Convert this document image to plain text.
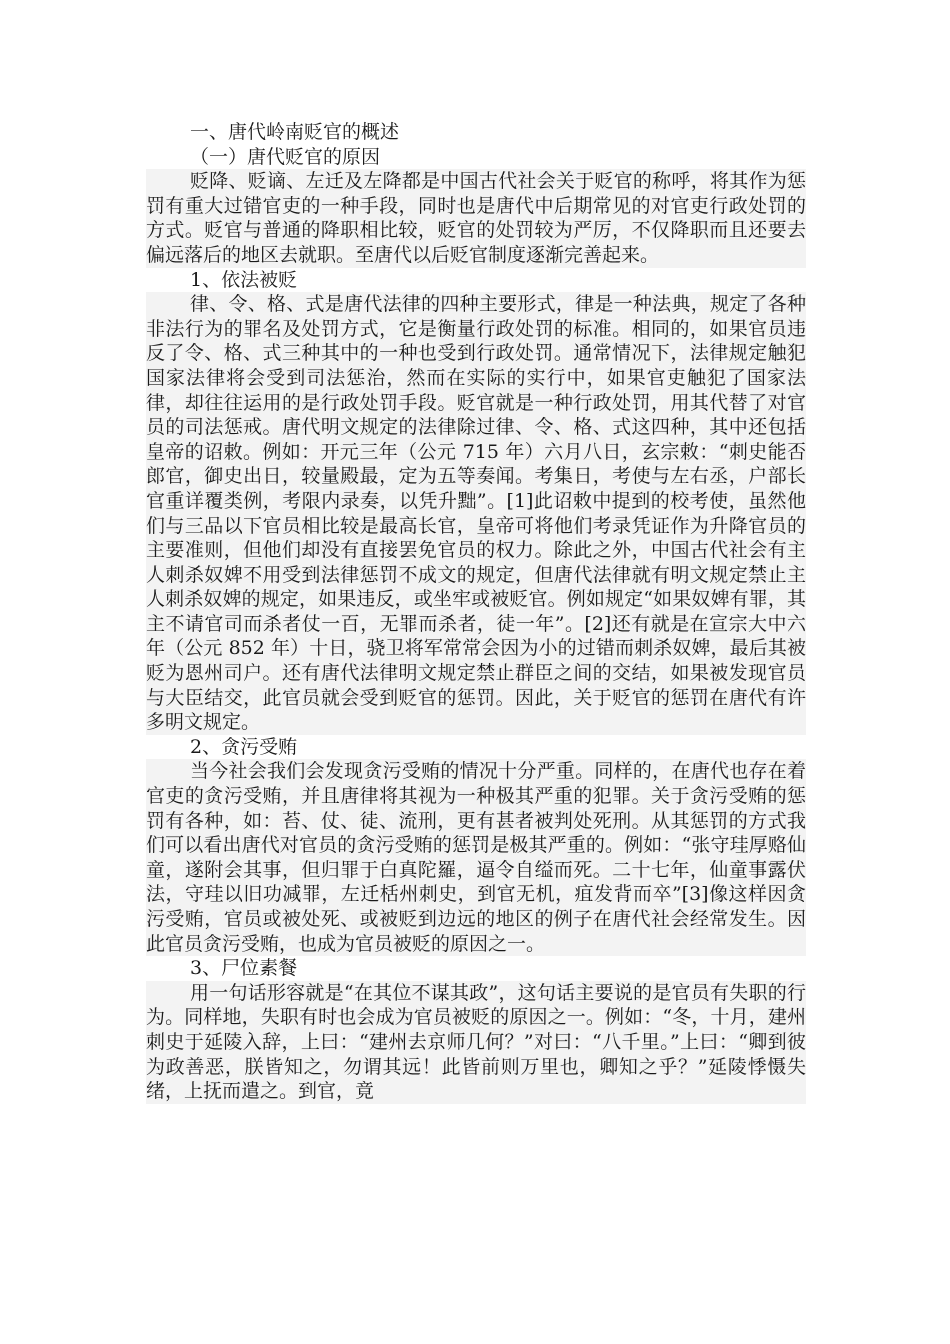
一、唐代岭南贬官的概述

（一）唐代贬官的原因

贬降、贬谪、左迁及左降都是中国古代社会关于贬官的称呼，将其作为惩罚有重大过错官吏的一种手段，同时也是唐代中后期常见的对官吏行政处罚的方式。贬官与普通的降职相比较，贬官的处罚较为严厉，不仅降职而且还要去偏远落后的地区去就职。至唐代以后贬官制度逐渐完善起来。

1、依法被贬

律、令、格、式是唐代法律的四种主要形式，律是一种法典，规定了各种非法行为的罪名及处罚方式，它是衡量行政处罚的标准。相同的，如果官员违反了令、格、式三种其中的一种也受到行政处罚。通常情况下，法律规定触犯国家法律将会受到司法惩治，然而在实际的实行中，如果官吏触犯了国家法律，却往往运用的是行政处罚手段。贬官就是一种行政处罚，用其代替了对官员的司法惩戒。唐代明文规定的法律除过律、令、格、式这四种，其中还包括皇帝的诏敕。例如：开元三年（公元 715 年）六月八日，玄宗敕：“刺史能否郎官，御史出日，较量殿最，定为五等奏闻。考集日，考使与左右丞，户部长官重详覆类例，考限内录奏，以凭升黜”。[1]此诏敕中提到的校考使，虽然他们与三品以下官员相比较是最高长官，皇帝可将他们考录凭证作为升降官员的主要准则，但他们却没有直接罢免官员的权力。除此之外，中国古代社会有主人刺杀奴婢不用受到法律惩罚不成文的规定，但唐代法律就有明文规定禁止主人刺杀奴婢的规定，如果违反，或坐牢或被贬官。例如规定“如果奴婢有罪，其主不请官司而杀者仗一百，无罪而杀者，徒一年”。[2]还有就是在宣宗大中六年（公元 852 年）十日，骁卫将军常常会因为小的过错而刺杀奴婢，最后其被贬为恩州司户。还有唐代法律明文规定禁止群臣之间的交结，如果被发现官员与大臣结交，此官员就会受到贬官的惩罚。因此，关于贬官的惩罚在唐代有许多明文规定。

2、贪污受贿

当今社会我们会发现贪污受贿的情况十分严重。同样的，在唐代也存在着官吏的贪污受贿，并且唐律将其视为一种极其严重的犯罪。关于贪污受贿的惩罚有各种，如：苔、仗、徒、流刑，更有甚者被判处死刑。从其惩罚的方式我们可以看出唐代对官员的贪污受贿的惩罚是极其严重的。例如：“张守珪厚赂仙童，遂附会其事，但归罪于白真陀羅，逼令自缢而死。二十七年，仙童事露伏法，守珪以旧功减罪，左迁栝州刺史，到官无机，疽发背而卒”[3]像这样因贪污受贿，官员或被处死、或被贬到边远的地区的例子在唐代社会经常发生。因此官员贪污受贿，也成为官员被贬的原因之一。

3、尸位素餐

用一句话形容就是“在其位不谋其政”，这句话主要说的是官员有失职的行为。同样地，失职有时也会成为官员被贬的原因之一。例如：“冬，十月，建州刺史于延陵入辞，上曰：“建州去京师几何？”对曰：“八千里。”上曰：“卿到彼为政善恶，朕皆知之，勿谓其远！此皆前则万里也，卿知之乎？”延陵悸慑失绪，上抚而遣之。到官，竟
